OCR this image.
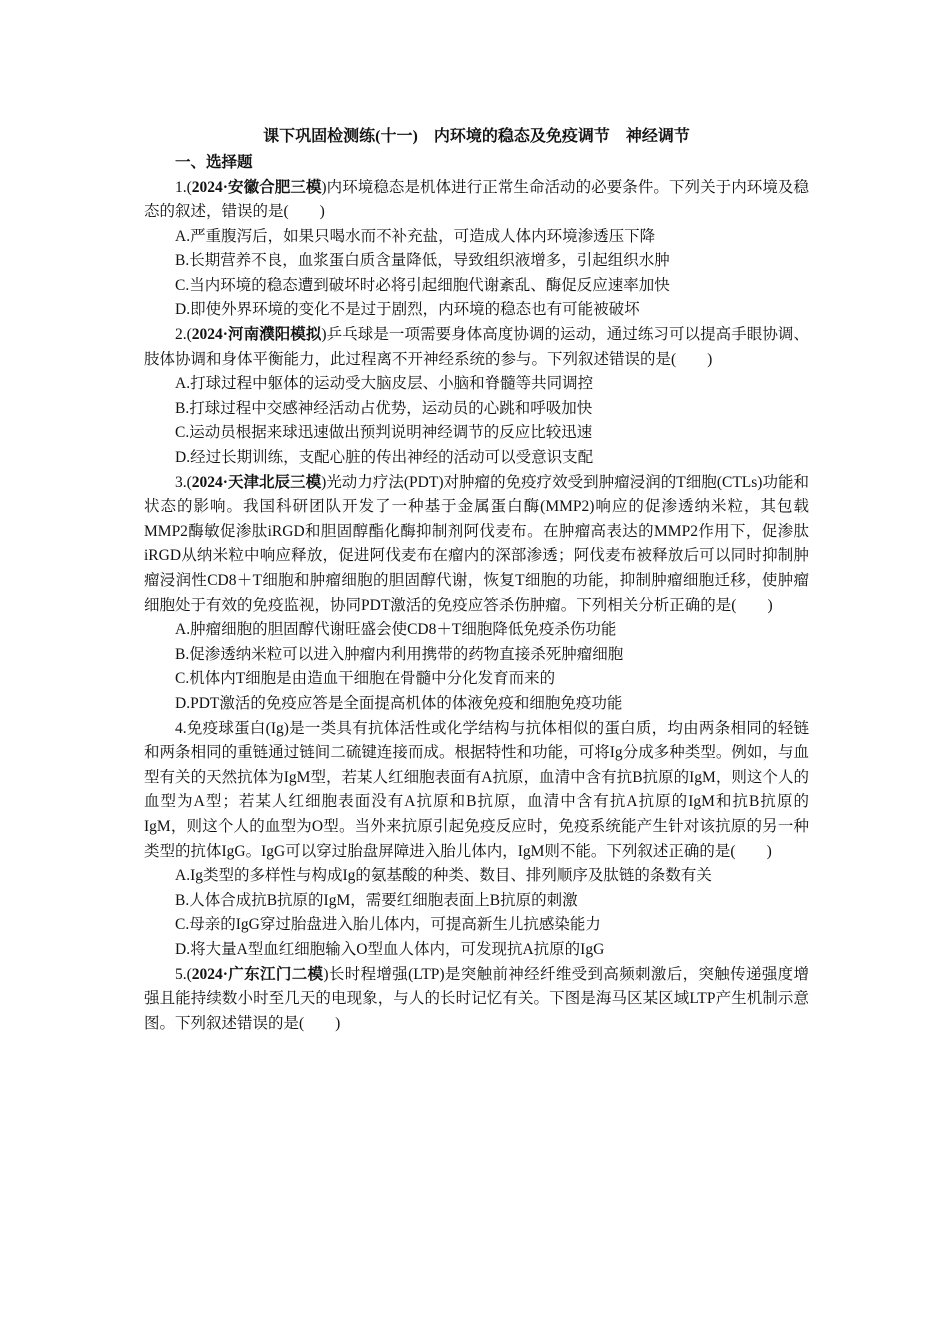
课下巩固检测练(十一)　内环境的稳态及免疫调节　神经调节
一、选择题

1.(2024·安徽合肥三模)内环境稳态是机体进行正常生命活动的必要条件。下列关于内环境及稳态的叙述，错误的是(　　)

A.严重腹泻后，如果只喝水而不补充盐，可造成人体内环境渗透压下降

B.长期营养不良，血浆蛋白质含量降低，导致组织液增多，引起组织水肿

C.当内环境的稳态遭到破坏时必将引起细胞代谢紊乱、酶促反应速率加快

D.即使外界环境的变化不是过于剧烈，内环境的稳态也有可能被破坏

2.(2024·河南濮阳模拟)乒乓球是一项需要身体高度协调的运动，通过练习可以提高手眼协调、肢体协调和身体平衡能力，此过程离不开神经系统的参与。下列叙述错误的是(　　)

A.打球过程中躯体的运动受大脑皮层、小脑和脊髓等共同调控

B.打球过程中交感神经活动占优势，运动员的心跳和呼吸加快

C.运动员根据来球迅速做出预判说明神经调节的反应比较迅速

D.经过长期训练，支配心脏的传出神经的活动可以受意识支配

3.(2024·天津北辰三模)光动力疗法(PDT)对肿瘤的免疫疗效受到肿瘤浸润的T细胞(CTLs)功能和状态的影响。我国科研团队开发了一种基于金属蛋白酶(MMP2)响应的促渗透纳米粒，其包载MMP2酶敏促渗肽iRGD和胆固醇酯化酶抑制剂阿伐麦布。在肿瘤高表达的MMP2作用下，促渗肽iRGD从纳米粒中响应释放，促进阿伐麦布在瘤内的深部渗透；阿伐麦布被释放后可以同时抑制肿瘤浸润性CD8＋T细胞和肿瘤细胞的胆固醇代谢，恢复T细胞的功能，抑制肿瘤细胞迁移，使肿瘤细胞处于有效的免疫监视，协同PDT激活的免疫应答杀伤肿瘤。下列相关分析正确的是(　　)

A.肿瘤细胞的胆固醇代谢旺盛会使CD8＋T细胞降低免疫杀伤功能

B.促渗透纳米粒可以进入肿瘤内利用携带的药物直接杀死肿瘤细胞

C.机体内T细胞是由造血干细胞在骨髓中分化发育而来的

D.PDT激活的免疫应答是全面提高机体的体液免疫和细胞免疫功能

4.免疫球蛋白(Ig)是一类具有抗体活性或化学结构与抗体相似的蛋白质，均由两条相同的轻链和两条相同的重链通过链间二硫键连接而成。根据特性和功能，可将Ig分成多种类型。例如，与血型有关的天然抗体为IgM型，若某人红细胞表面有A抗原，血清中含有抗B抗原的IgM，则这个人的血型为A型；若某人红细胞表面没有A抗原和B抗原，血清中含有抗A抗原的IgM和抗B抗原的IgM，则这个人的血型为O型。当外来抗原引起免疫反应时，免疫系统能产生针对该抗原的另一种类型的抗体IgG。IgG可以穿过胎盘屏障进入胎儿体内，IgM则不能。下列叙述正确的是(　　)

A.Ig类型的多样性与构成Ig的氨基酸的种类、数目、排列顺序及肽链的条数有关

B.人体合成抗B抗原的IgM，需要红细胞表面上B抗原的刺激

C.母亲的IgG穿过胎盘进入胎儿体内，可提高新生儿抗感染能力

D.将大量A型血红细胞输入O型血人体内，可发现抗A抗原的IgG

5.(2024·广东江门二模)长时程增强(LTP)是突触前神经纤维受到高频刺激后，突触传递强度增强且能持续数小时至几天的电现象，与人的长时记忆有关。下图是海马区某区域LTP产生机制示意图。下列叙述错误的是(　　)
